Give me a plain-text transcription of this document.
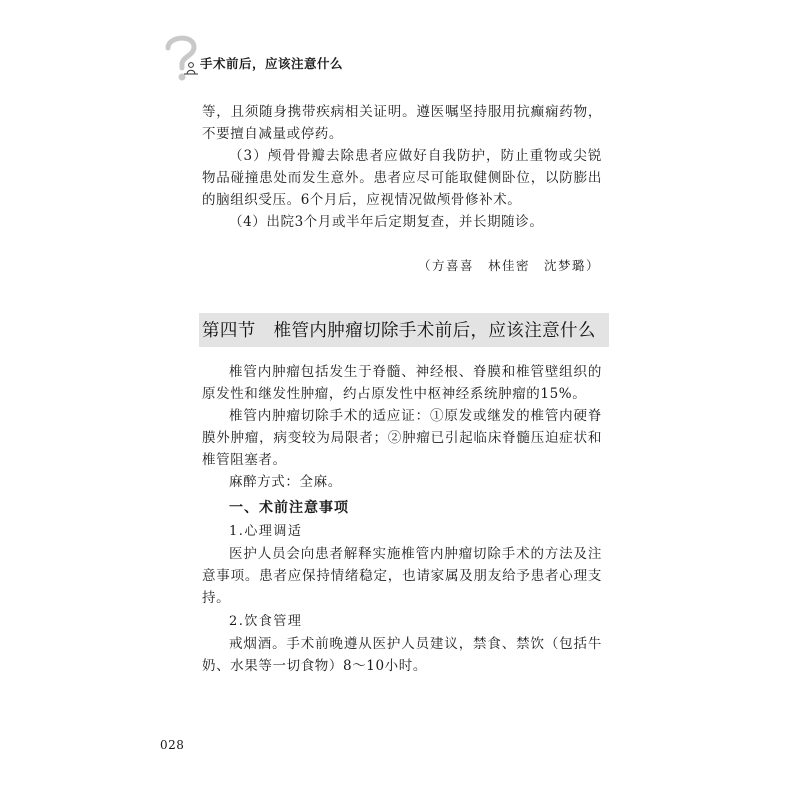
手术前后，应该注意什么

等，且须随身携带疾病相关证明。遵医嘱坚持服用抗癫痫药物，不要擅自减量或停药。

（3）颅骨骨瓣去除患者应做好自我防护，防止重物或尖锐物品碰撞患处而发生意外。患者应尽可能取健侧卧位，以防膨出的脑组织受压。6个月后，应视情况做颅骨修补术。

（4）出院3个月或半年后定期复查，并长期随诊。

（方喜喜　林佳密　沈梦璐）
第四节　椎管内肿瘤切除手术前后，应该注意什么

椎管内肿瘤包括发生于脊髓、神经根、脊膜和椎管壁组织的原发性和继发性肿瘤，约占原发性中枢神经系统肿瘤的15%。

椎管内肿瘤切除手术的适应证：①原发或继发的椎管内硬脊膜外肿瘤，病变较为局限者；②肿瘤已引起临床脊髓压迫症状和椎管阻塞者。

麻醉方式：全麻。

一、术前注意事项

1.心理调适

医护人员会向患者解释实施椎管内肿瘤切除手术的方法及注意事项。患者应保持情绪稳定，也请家属及朋友给予患者心理支持。

2.饮食管理

戒烟酒。手术前晚遵从医护人员建议，禁食、禁饮（包括牛奶、水果等一切食物）8～10小时。

028
